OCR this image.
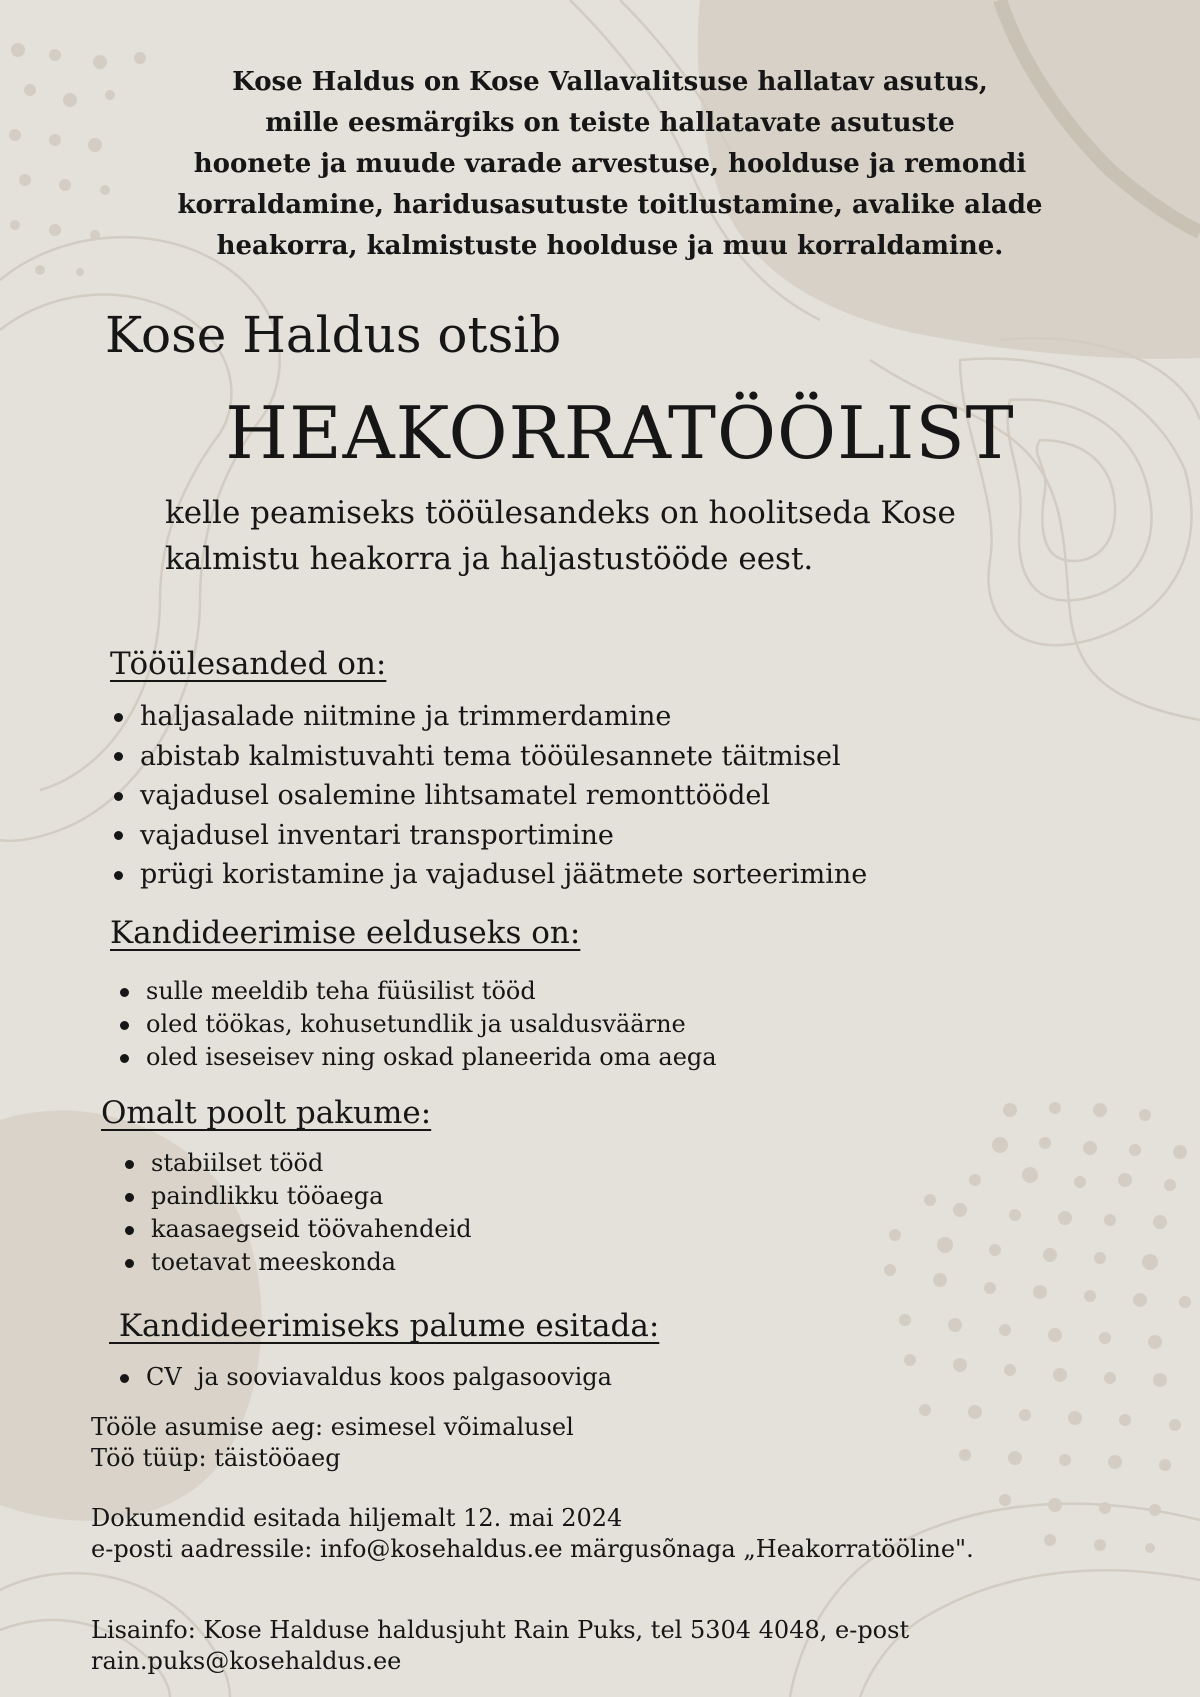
Kose Haldus on Kose Vallavalitsuse hallatav asutus,
mille eesmärgiks on teiste hallatavate asutuste
hoonete ja muude varade arvestuse, hoolduse ja remondi
korraldamine, haridusasutuste toitlustamine, avalike alade
heakorra, kalmistuste hoolduse ja muu korraldamine.
Kose Haldus otsib
HEAKORRATÖÖLIST
kelle peamiseks tööülesandeks on hoolitseda Kose
kalmistu heakorra ja haljastustööde eest.
Tööülesanded on:
haljasalade niitmine ja trimmerdamine
abistab kalmistuvahti tema tööülesannete täitmisel
vajadusel osalemine lihtsamatel remonttöödel
vajadusel inventari transportimine
prügi koristamine ja vajadusel jäätmete sorteerimine
Kandideerimise eelduseks on:
sulle meeldib teha füüsilist tööd
oled töökas, kohusetundlik ja usaldusväärne
oled iseseisev ning oskad planeerida oma aega
Omalt poolt pakume:
stabiilset tööd
paindlikku tööaega
kaasaegseid töövahendeid
toetavat meeskonda
Kandideerimiseks palume esitada:
CV  ja sooviavaldus koos palgasooviga
Tööle asumise aeg: esimesel võimalusel
Töö tüüp: täistööaeg
Dokumendid esitada hiljemalt 12. mai 2024
e-posti aadressile: info@kosehaldus.ee märgusõnaga „Heakorratööline".
Lisainfo: Kose Halduse haldusjuht Rain Puks, tel 5304 4048, e-post
rain.puks@kosehaldus.ee
